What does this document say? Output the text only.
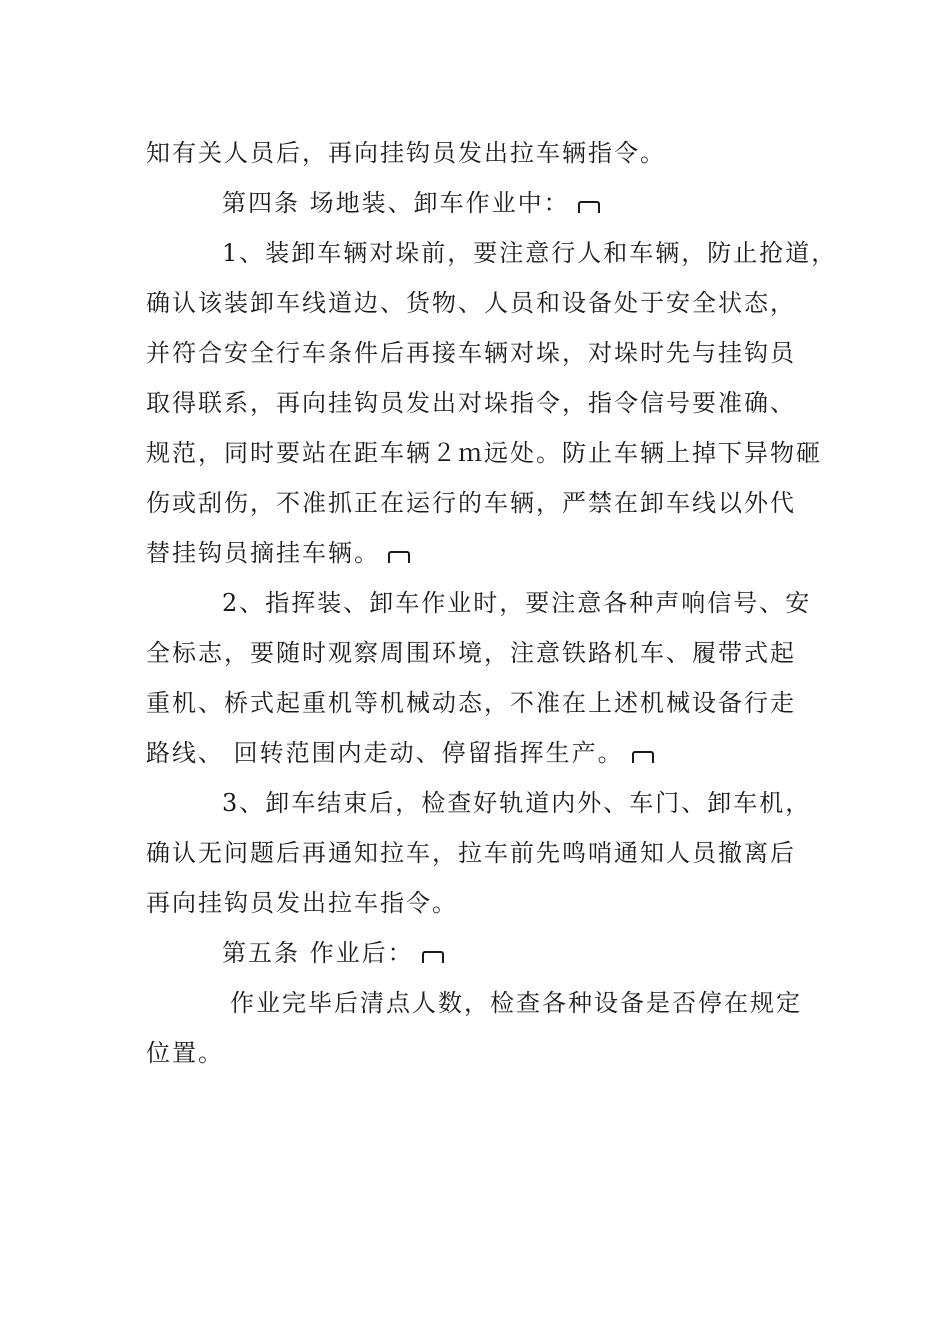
知有关人员后，再向挂钩员发出拉车辆指令。
第四条 场地装、卸车作业中：
1、装卸车辆对垛前，要注意行人和车辆，防止抢道，
确认该装卸车线道边、货物、人员和设备处于安全状态，
并符合安全行车条件后再接车辆对垛，对垛时先与挂钩员
取得联系，再向挂钩员发出对垛指令，指令信号要准确、
规范，同时要站在距车辆２ｍ远处。防止车辆上掉下异物砸
伤或刮伤，不准抓正在运行的车辆，严禁在卸车线以外代
替挂钩员摘挂车辆。
2、指挥装、卸车作业时，要注意各种声响信号、安
全标志，要随时观察周围环境，注意铁路机车、履带式起
重机、桥式起重机等机械动态，不准在上述机械设备行走
路线、 回转范围内走动、停留指挥生产。
3、卸车结束后，检查好轨道内外、车门、卸车机，
确认无问题后再通知拉车，拉车前先鸣哨通知人员撤离后
再向挂钩员发出拉车指令。
第五条 作业后：
作业完毕后清点人数，检查各种设备是否停在规定
位置。
